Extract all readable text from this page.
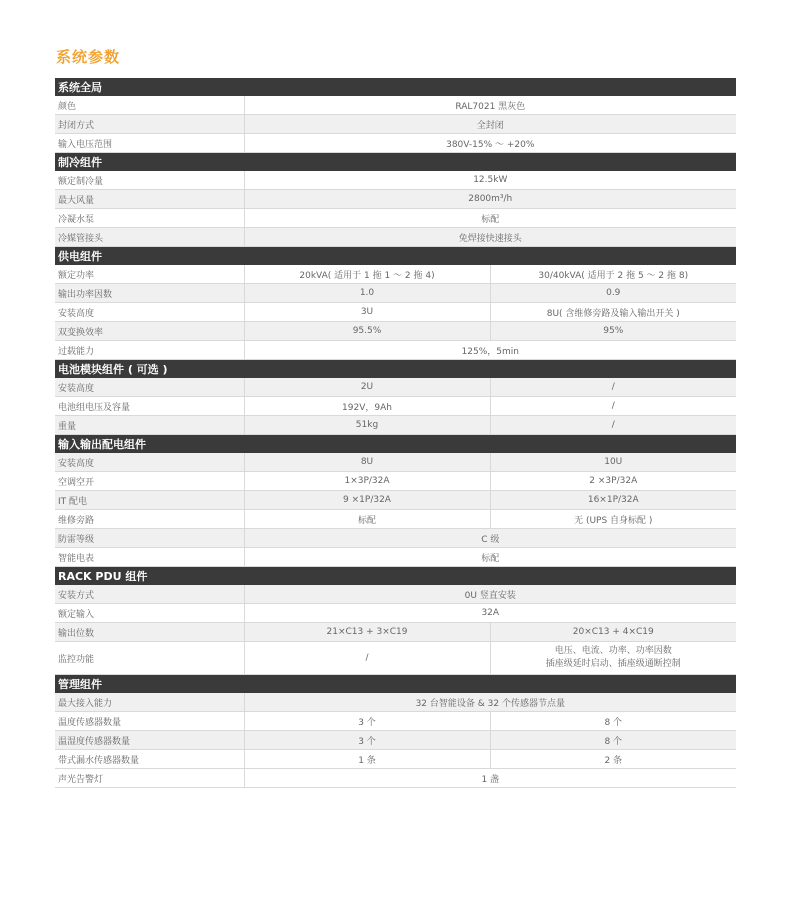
系统参数
系统全局		
颜色	RAL7021 黑灰色	
封闭方式	全封闭	
输入电压范围	380V-15% ～ +20%	
制冷组件		
额定制冷量	12.5kW	
最大风量	2800m³/h	
冷凝水泵	标配	
冷媒管接头	免焊接快速接头	
供电组件		
额定功率	20kVA( 适用于 1 拖 1 ～ 2 拖 4)	30/40kVA( 适用于 2 拖 5 ～ 2 拖 8)
输出功率因数	1.0	0.9
安装高度	3U	8U( 含维修旁路及输入输出开关 )
双变换效率	95.5%	95%
过载能力	125%，5min	
电池模块组件 ( 可选 )		
安装高度	2U	/
电池组电压及容量	192V，9Ah	/
重量	51kg	/
输入输出配电组件		
安装高度	8U	10U
空调空开	1×3P/32A	2 ×3P/32A
IT 配电	9 ×1P/32A	16×1P/32A
维修旁路	标配	无 (UPS 自身标配 )
防雷等级	C 级	
智能电表	标配	
RACK PDU 组件		
安装方式	0U 竖直安装	
额定输入	32A	
输出位数	21×C13 + 3×C19	20×C13 + 4×C19
监控功能	/	电压、电流、功率、功率因数
插座级延时启动、插座级通断控制

管理组件		
最大接入能力	32 台智能设备 & 32 个传感器节点量	
温度传感器数量	3 个	8 个
温湿度传感器数量	3 个	8 个
带式漏水传感器数量	1 条	2 条
声光告警灯	1 盏	
